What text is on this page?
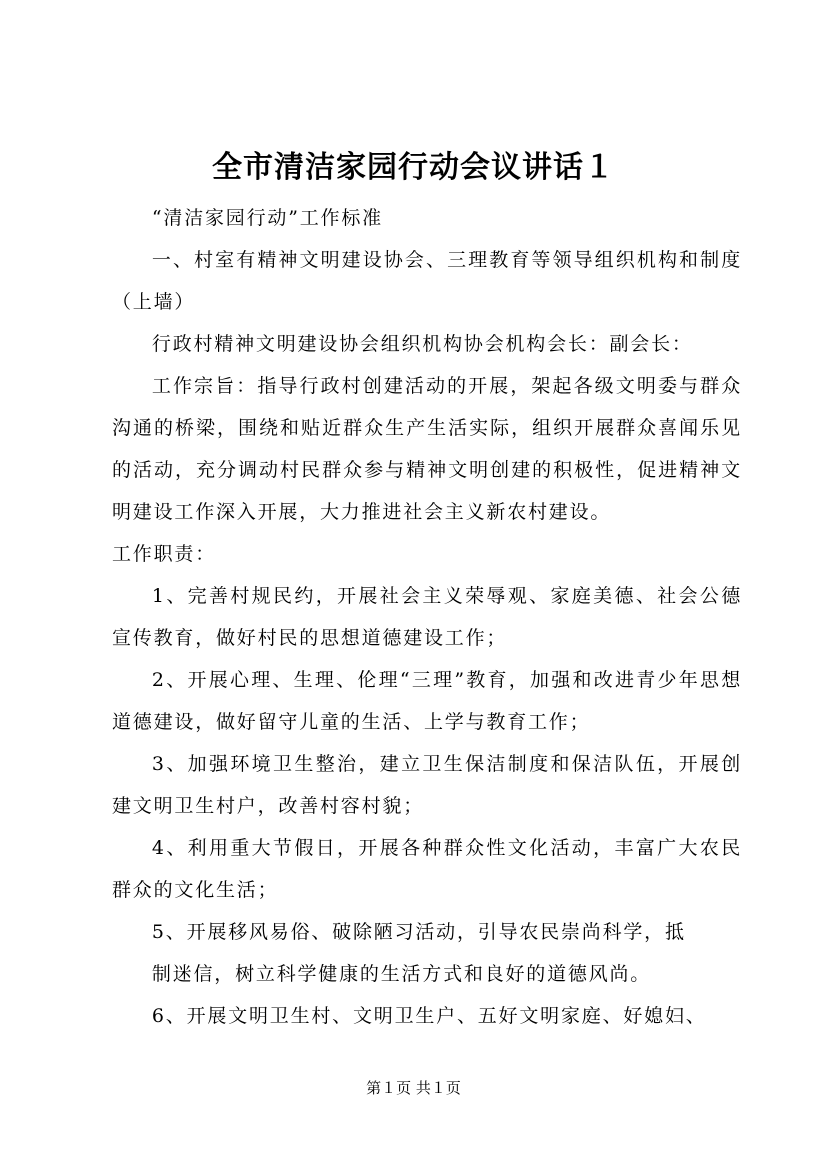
全市清洁家园行动会议讲话１

“清洁家园行动”工作标准

一、村室有精神文明建设协会、三理教育等领导组织机构和制度（上墙）

行政村精神文明建设协会组织机构协会机构会长：副会长：

工作宗旨：指导行政村创建活动的开展，架起各级文明委与群众沟通的桥梁，围绕和贴近群众生产生活实际，组织开展群众喜闻乐见的活动，充分调动村民群众参与精神文明创建的积极性，促进精神文明建设工作深入开展，大力推进社会主义新农村建设。

工作职责：

1、完善村规民约，开展社会主义荣辱观、家庭美德、社会公德宣传教育，做好村民的思想道德建设工作；

2、开展心理、生理、伦理“三理”教育，加强和改进青少年思想道德建设，做好留守儿童的生活、上学与教育工作；

3、加强环境卫生整治，建立卫生保洁制度和保洁队伍，开展创建文明卫生村户，改善村容村貌；

4、利用重大节假日，开展各种群众性文化活动，丰富广大农民群众的文化生活；

5、开展移风易俗、破除陋习活动，引导农民崇尚科学，抵

制迷信，树立科学健康的生活方式和良好的道德风尚。

6、开展文明卫生村、文明卫生户、五好文明家庭、好媳妇、

第１页 共１页
